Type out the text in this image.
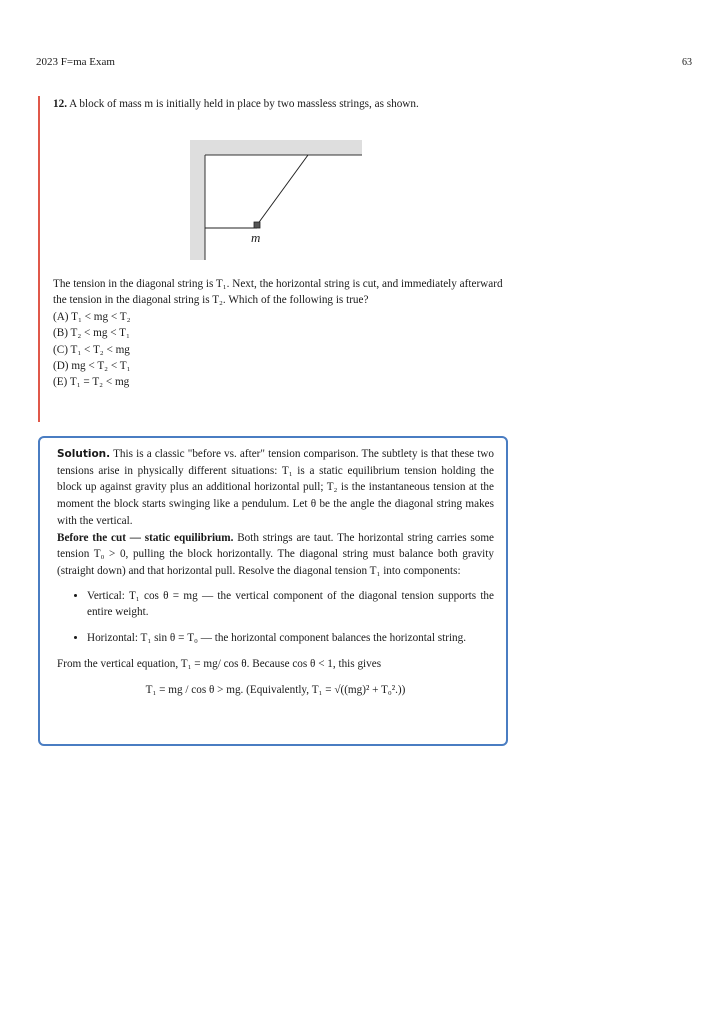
2023 F=ma Exam	63
12. A block of mass m is initially held in place by two massless strings, as shown.
m
The tension in the diagonal string is T₁. Next, the horizontal string is cut, and immediately afterward the tension in the diagonal string is T₂. Which of the following is true?
(A) T₁ < mg < T₂
(B) T₂ < mg < T₁
(C) T₁ < T₂ < mg
(D) mg < T₂ < T₁
(E) T₁ = T₂ < mg
Solution. This is a classic "before vs. after" tension comparison. The subtlety is that these two tensions arise in physically different situations: T₁ is a static equilibrium tension holding the block up against gravity plus an additional horizontal pull; T₂ is the instantaneous tension at the moment the block starts swinging like a pendulum. Let θ be the angle the diagonal string makes with the vertical.
Before the cut — static equilibrium. Both strings are taut. The horizontal string carries some tension T₀ > 0, pulling the block horizontally. The diagonal string must balance both gravity (straight down) and that horizontal pull. Resolve the diagonal tension T₁ into components:
• Vertical: T₁ cos θ = mg — the vertical component of the diagonal tension supports the entire weight.
• Horizontal: T₁ sin θ = T₀ — the horizontal component balances the horizontal string.
From the vertical equation, T₁ = mg/ cos θ. Because cos θ < 1, this gives
T₁ = mg / cos θ > mg. (Equivalently, T₁ = √((mg)² + T₀².))
